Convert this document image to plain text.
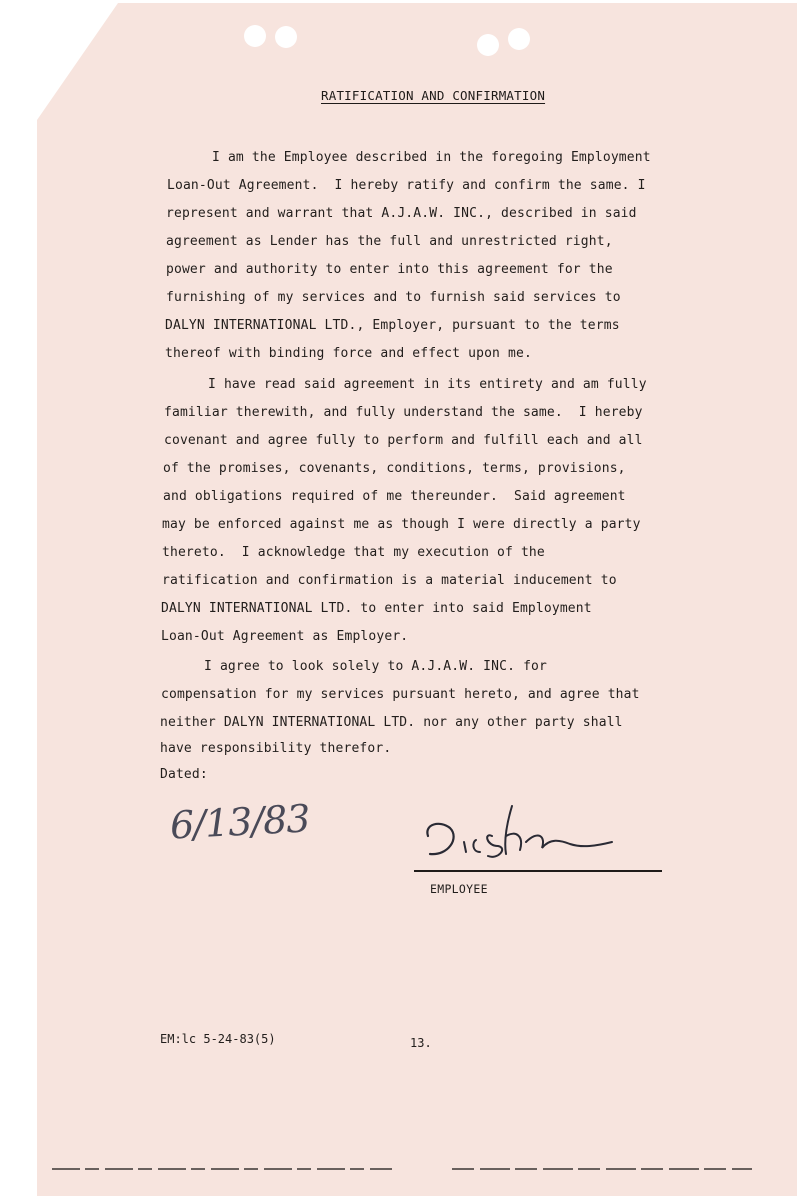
RATIFICATION AND CONFIRMATION
I am the Employee described in the foregoing Employment
Loan-Out Agreement.  I hereby ratify and confirm the same. I
represent and warrant that A.J.A.W. INC., described in said
agreement as Lender has the full and unrestricted right,
power and authority to enter into this agreement for the
furnishing of my services and to furnish said services to
DALYN INTERNATIONAL LTD., Employer, pursuant to the terms
thereof with binding force and effect upon me.
I have read said agreement in its entirety and am fully
familiar therewith, and fully understand the same.  I hereby
covenant and agree fully to perform and fulfill each and all
of the promises, covenants, conditions, terms, provisions,
and obligations required of me thereunder.  Said agreement
may be enforced against me as though I were directly a party
thereto.  I acknowledge that my execution of the
ratification and confirmation is a material inducement to
DALYN INTERNATIONAL LTD. to enter into said Employment
Loan-Out Agreement as Employer.
I agree to look solely to A.J.A.W. INC. for
compensation for my services pursuant hereto, and agree that
neither DALYN INTERNATIONAL LTD. nor any other party shall
have responsibility therefor.
Dated:
6/13/83
EMPLOYEE
EM:lc 5-24-83(5)	13.
